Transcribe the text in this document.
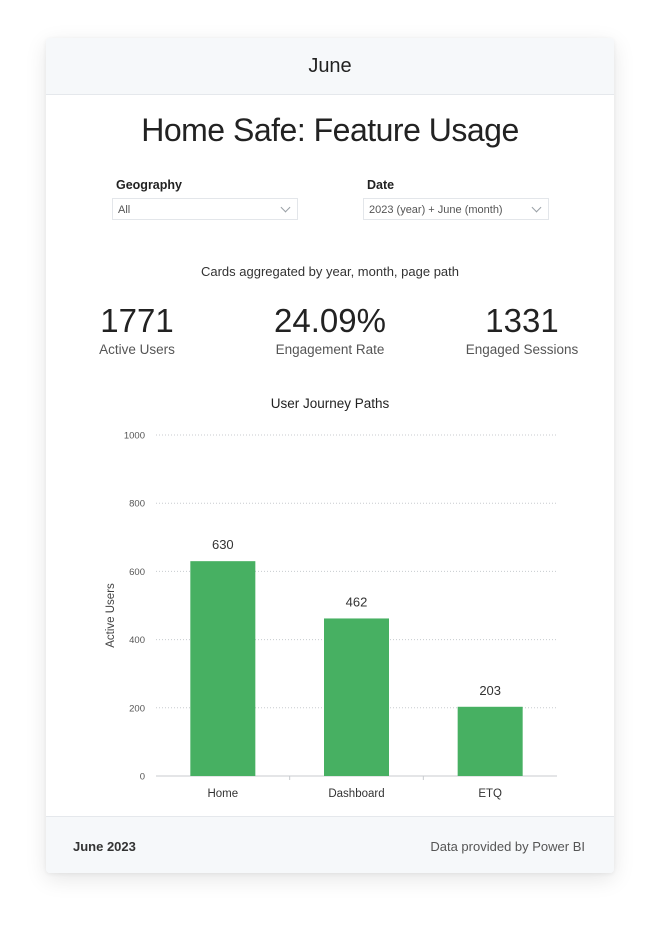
June
Home Safe: Feature Usage
Geography
All
Date
2023 (year) + June (month)
Cards aggregated by year, month, page path
1771
Active Users
24.09%
Engagement Rate
1331
Engaged Sessions
User Journey Paths
0
200
400
600
800
1000
Active Users
630
Home
462
Dashboard
203
ETQ
June 2023	Data provided by Power BI
